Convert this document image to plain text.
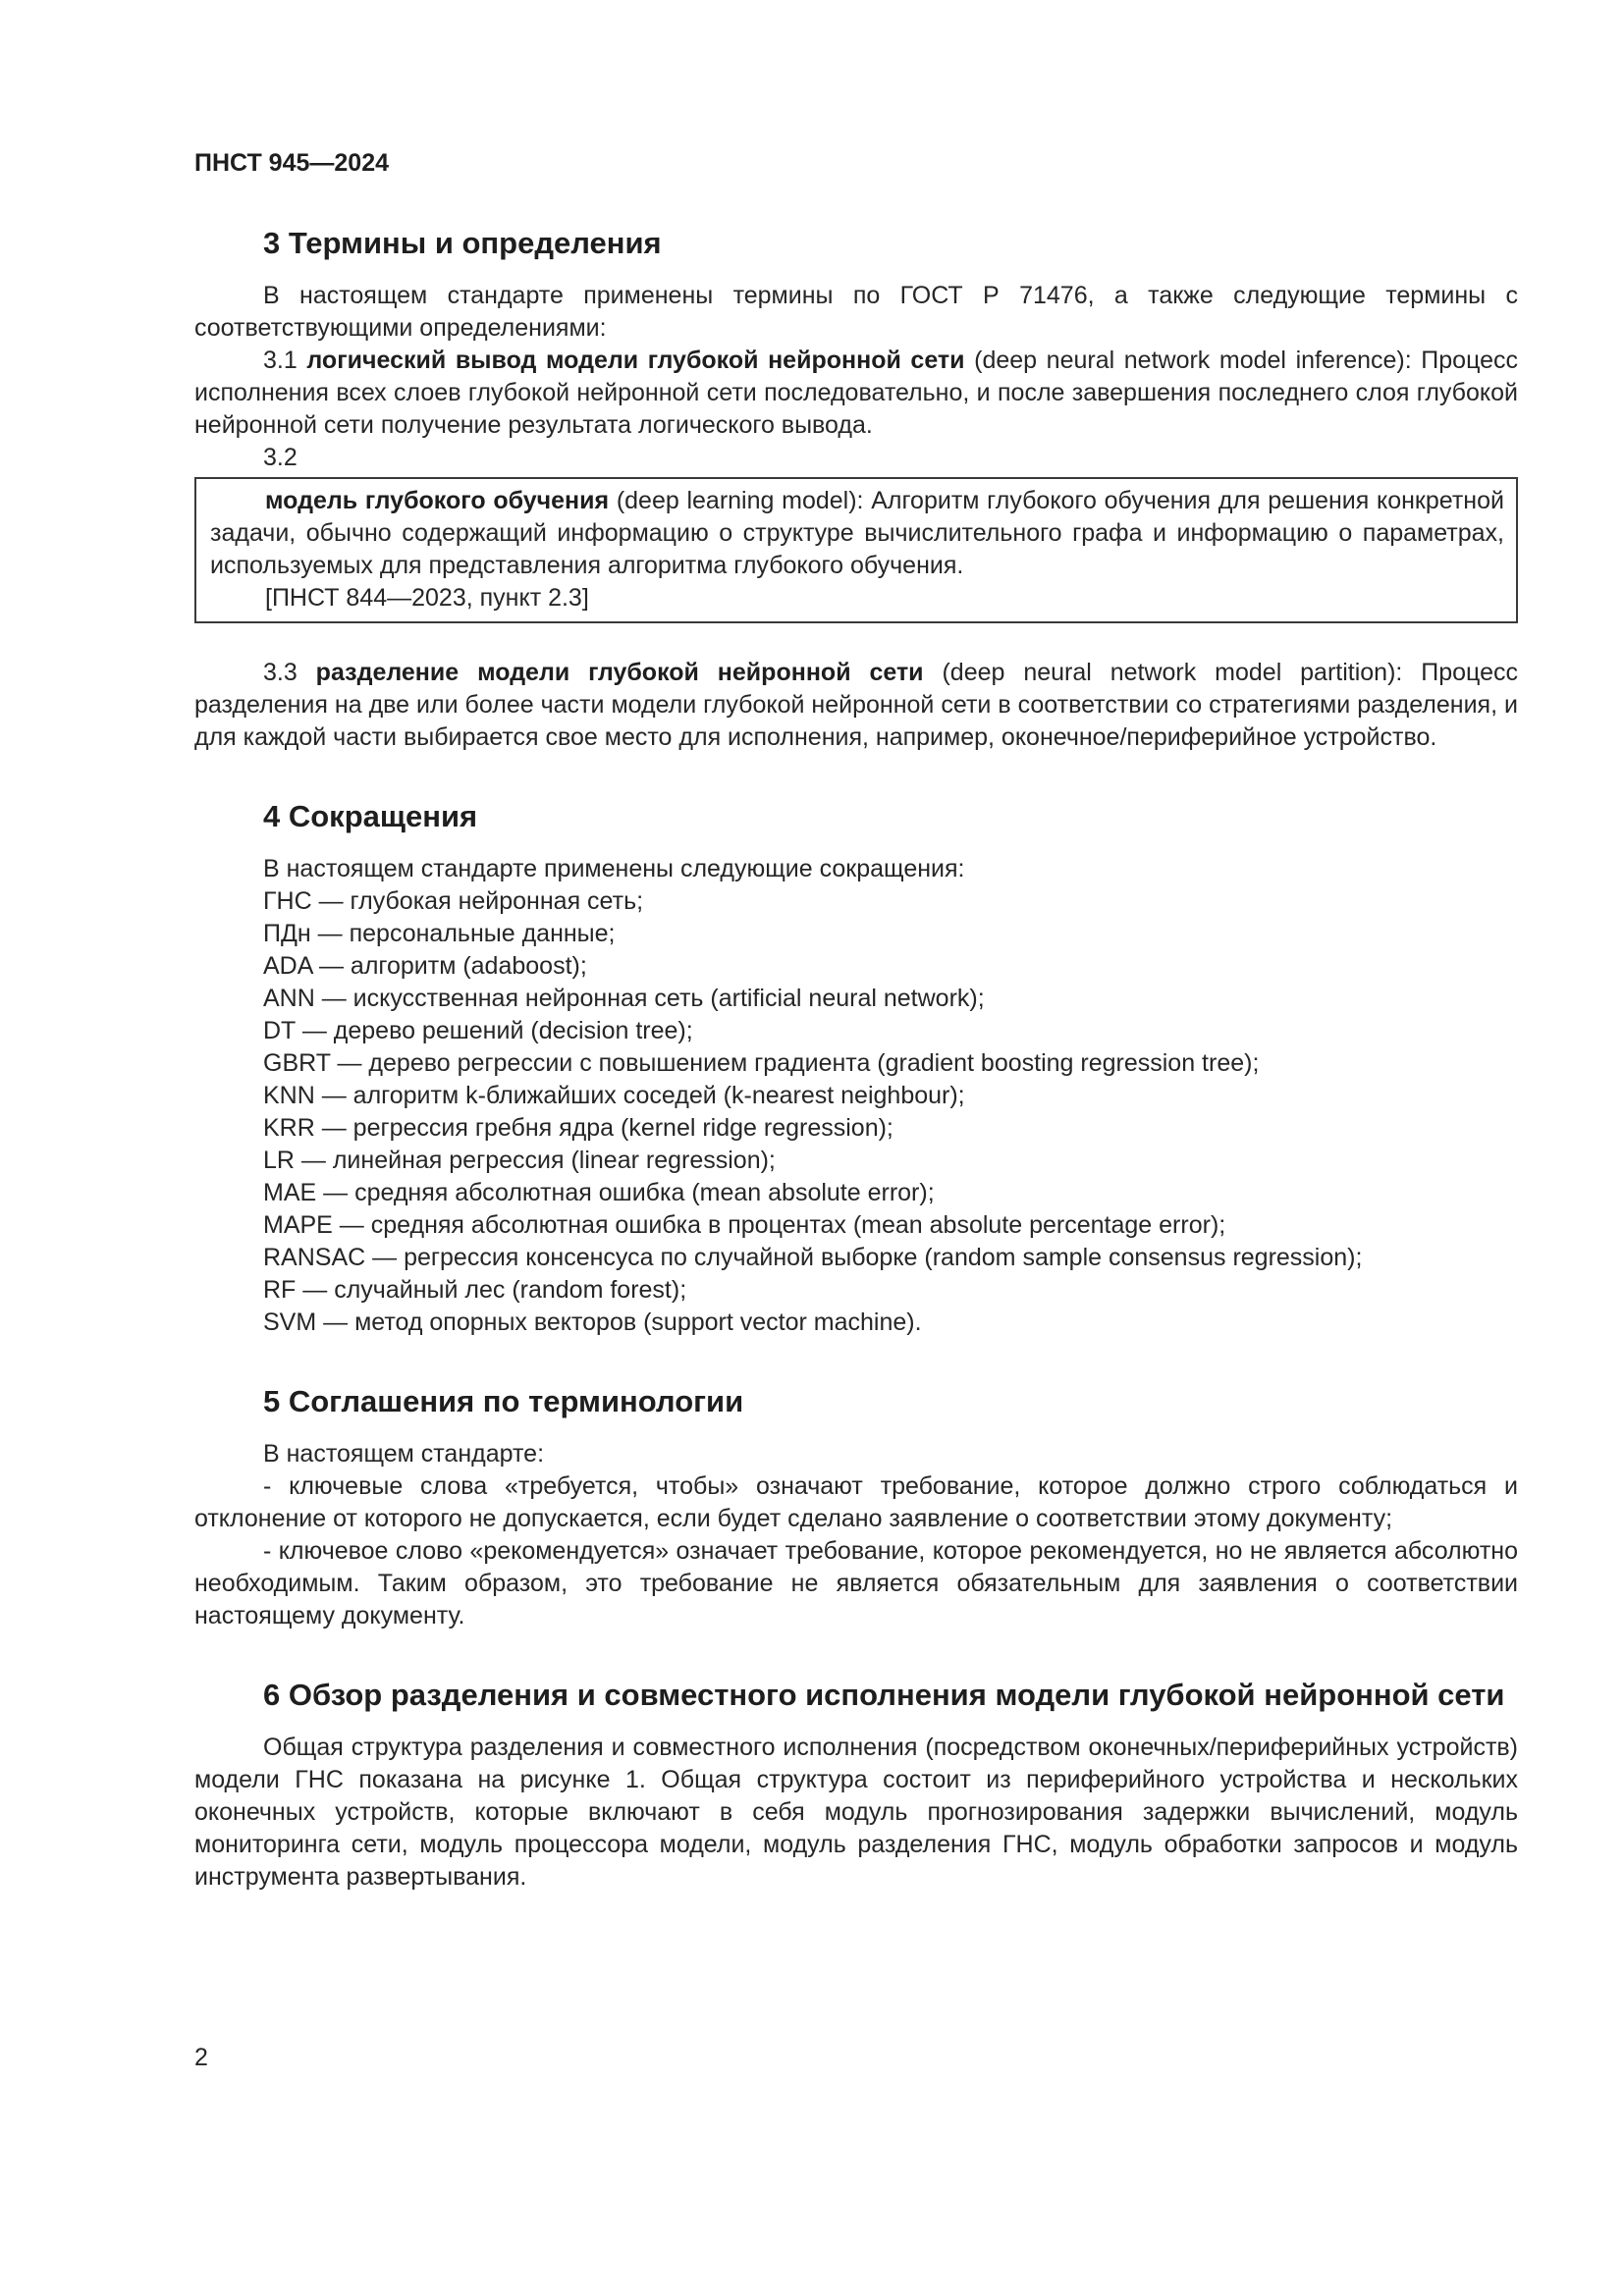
ПНСТ 945—2024
3 Термины и определения

В настоящем стандарте применены термины по ГОСТ Р 71476, а также следующие термины с соответствующими определениями:

3.1 логический вывод модели глубокой нейронной сети (deep neural network model inference): Процесс исполнения всех слоев глубокой нейронной сети последовательно, и после завершения последнего слоя глубокой нейронной сети получение результата логического вывода.

3.2

модель глубокого обучения (deep learning model): Алгоритм глубокого обучения для решения конкретной задачи, обычно содержащий информацию о структуре вычислительного графа и информацию о параметрах, используемых для представления алгоритма глубокого обучения.

[ПНСТ 844—2023, пункт 2.3]

3.3 разделение модели глубокой нейронной сети (deep neural network model partition): Процесс разделения на две или более части модели глубокой нейронной сети в соответствии со стратегиями разделения, и для каждой части выбирается свое место для исполнения, например, оконечное/периферийное устройство.

4 Сокращения

В настоящем стандарте применены следующие сокращения:

ГНС — глубокая нейронная сеть;
ПДн — персональные данные;
ADA — алгоритм (adaboost);
ANN — искусственная нейронная сеть (artificial neural network);
DT — дерево решений (decision tree);
GBRT — дерево регрессии с повышением градиента (gradient boosting regression tree);
KNN — алгоритм k-ближайших соседей (k-nearest neighbour);
KRR — регрессия гребня ядра (kernel ridge regression);
LR — линейная регрессия (linear regression);
MAE — средняя абсолютная ошибка (mean absolute error);
MAPE — средняя абсолютная ошибка в процентах (mean absolute percentage error);
RANSAC — регрессия консенсуса по случайной выборке (random sample consensus regression);
RF — случайный лес (random forest);
SVM — метод опорных векторов (support vector machine).
5 Соглашения по терминологии

В настоящем стандарте:

- ключевые слова «требуется, чтобы» означают требование, которое должно строго соблюдаться и отклонение от которого не допускается, если будет сделано заявление о соответствии этому документу;

- ключевое слово «рекомендуется» означает требование, которое рекомендуется, но не является абсолютно необходимым. Таким образом, это требование не является обязательным для заявления о соответствии настоящему документу.

6 Обзор разделения и совместного исполнения модели глубокой нейронной сети

Общая структура разделения и совместного исполнения (посредством оконечных/периферийных устройств) модели ГНС показана на рисунке 1. Общая структура состоит из периферийного устройства и нескольких оконечных устройств, которые включают в себя модуль прогнозирования задержки вычислений, модуль мониторинга сети, модуль процессора модели, модуль разделения ГНС, модуль обработки запросов и модуль инструмента развертывания.

2
